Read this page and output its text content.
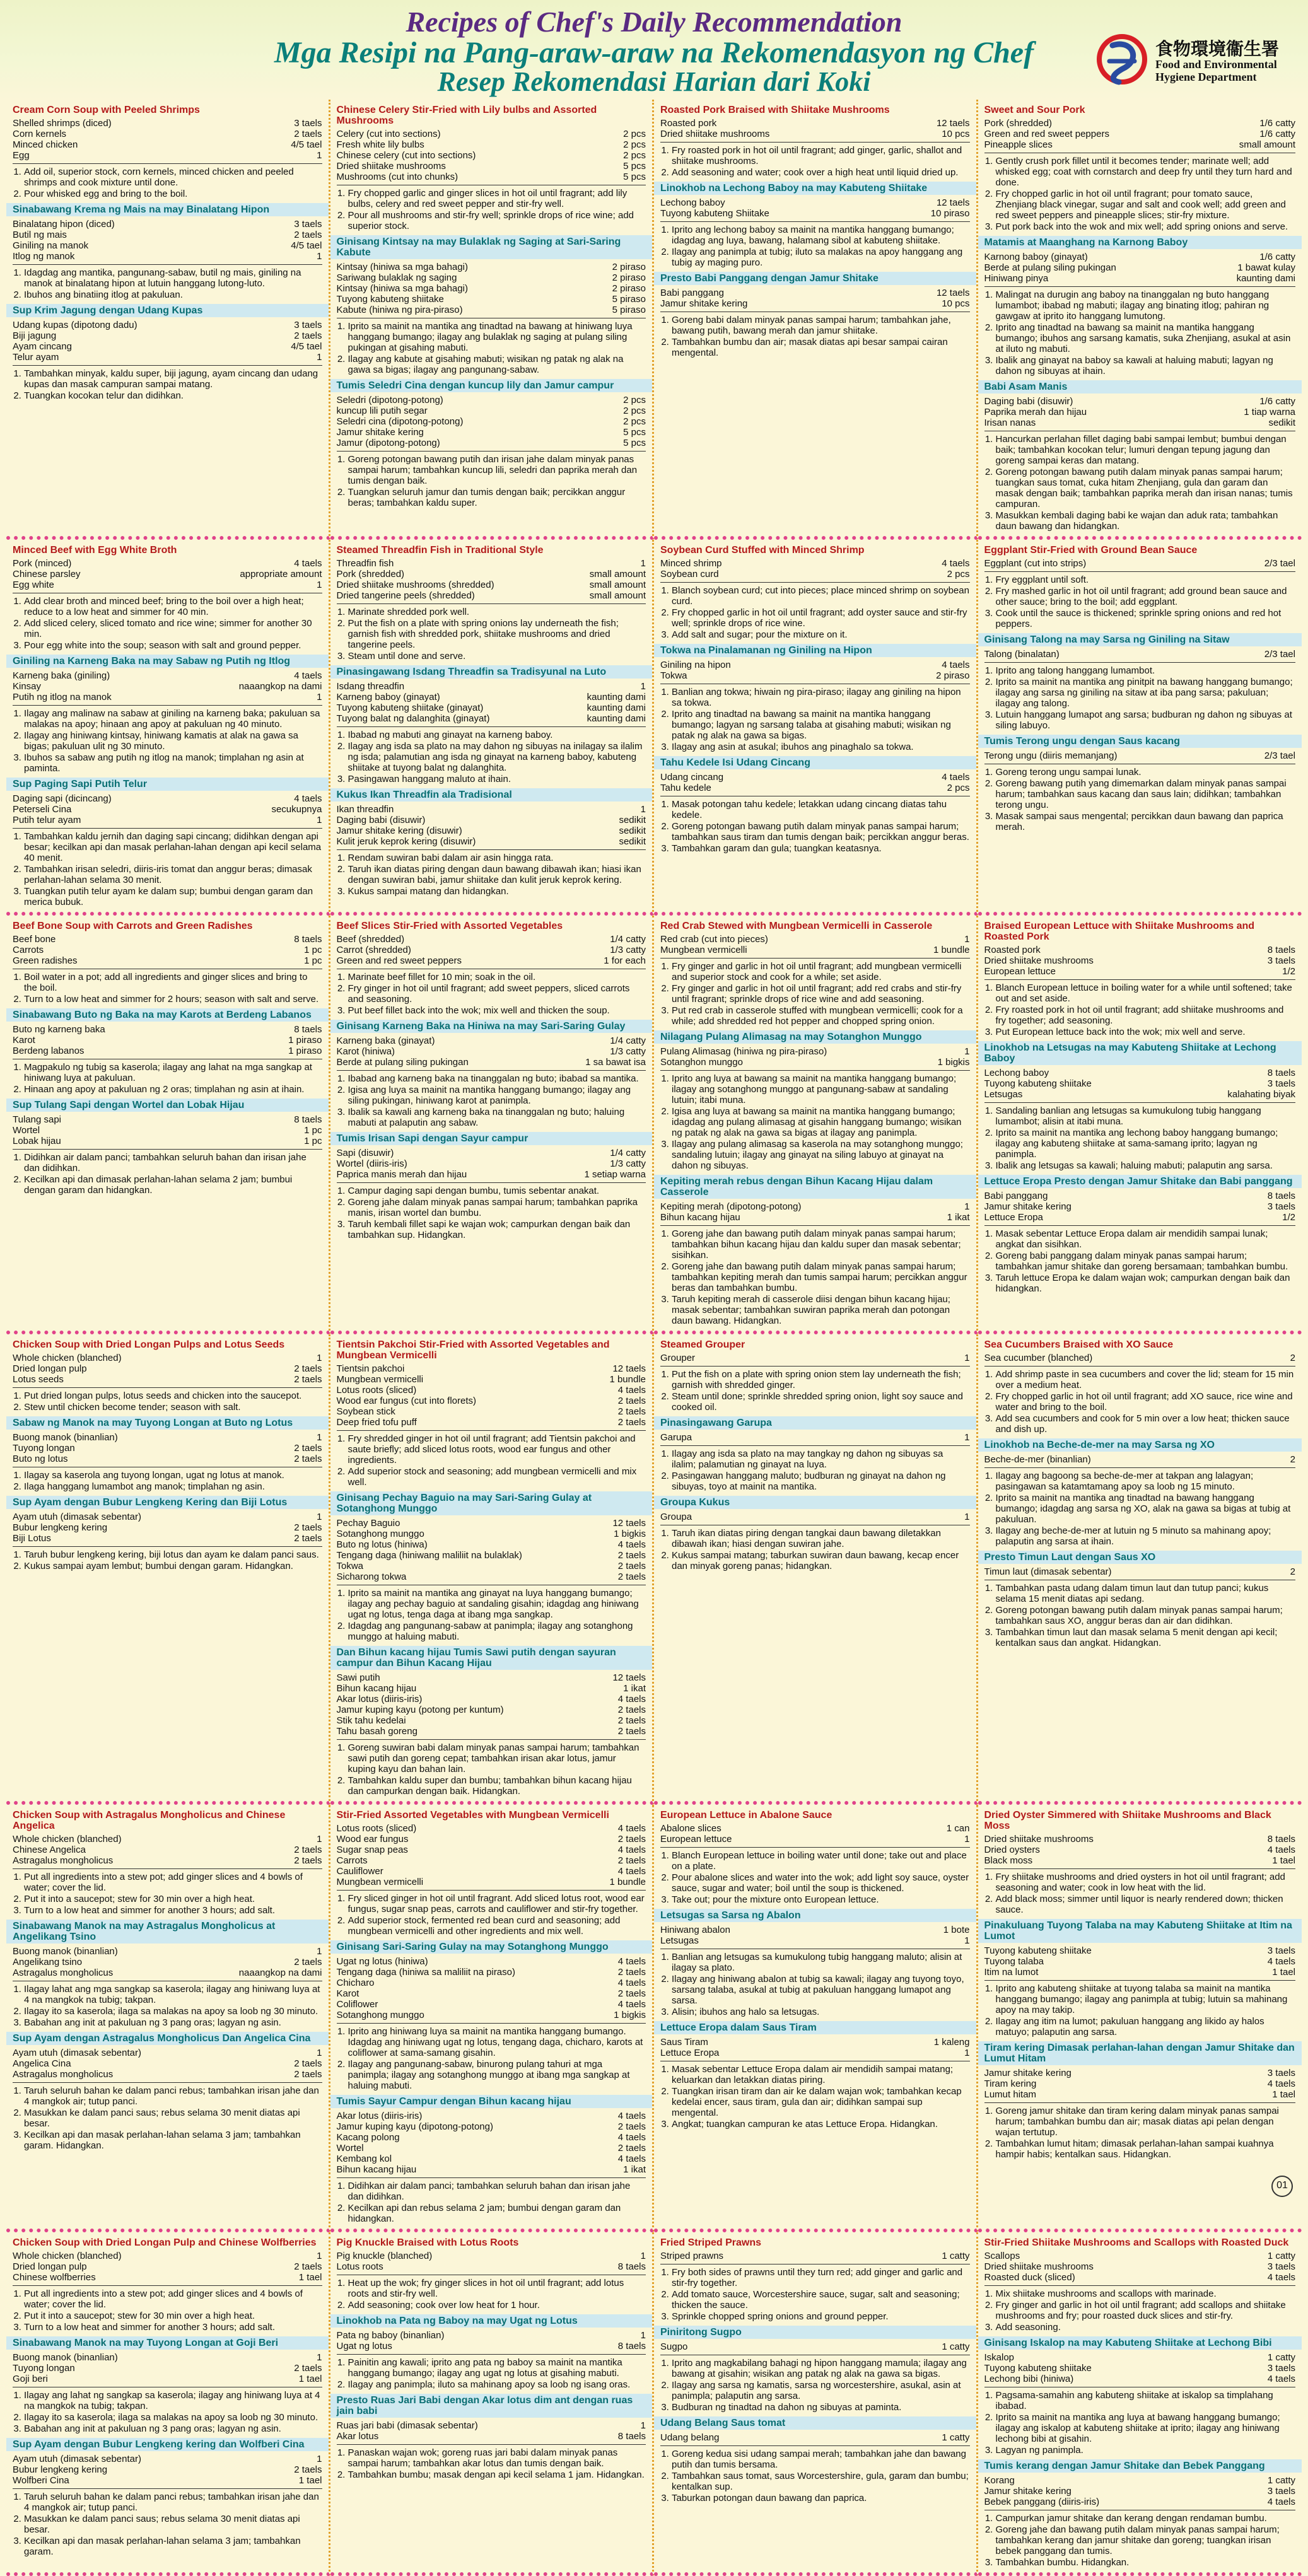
Recipes of Chef's Daily Recommendation
Mga Resipi na Pang-araw-araw na Rekomendasyon ng Chef
Resep Rekomendasi Harian dari Koki
食物環境衞生署
Food and Environmental
Hygiene Department
Cream Corn Soup with Peeled Shrimps
Shelled shrimps (diced)	3 taels
Corn kernels	2 taels
Minced chicken	4/5 tael
Egg	1
1. Add oil, superior stock, corn kernels, minced chicken and peeled shrimps and cook mixture until done.
2. Pour whisked egg and bring to the boil.
Sinabawang Krema ng Mais na may Binalatang Hipon
Binalatang hipon (diced)	3 taels
Butil ng mais	2 taels
Giniling na manok	4/5 tael
Itlog ng manok	1
1. Idagdag ang mantika, pangunang-sabaw, butil ng mais, giniling na manok at binalatang hipon at lutuin hanggang lutong-luto.
2. Ibuhos ang binatiing itlog at pakuluan.
Sup Krim Jagung dengan Udang Kupas
Udang kupas (dipotong dadu)	3 taels
Biji jagung	2 taels
Ayam cincang	4/5 tael
Telur ayam	1
1. Tambahkan minyak, kaldu super, biji jagung, ayam cincang dan udang kupas dan masak campuran sampai matang.
2. Tuangkan kocokan telur dan didihkan.
Chinese Celery Stir-Fried with Lily bulbs and Assorted Mushrooms
Celery (cut into sections)	2 pcs
Fresh white lily bulbs	2 pcs
Chinese celery (cut into sections)	2 pcs
Dried shiitake mushrooms	5 pcs
Mushrooms (cut into chunks)	5 pcs
1. Fry chopped garlic and ginger slices in hot oil until fragrant; add lily bulbs, celery and red sweet pepper and stir-fry well.
2. Pour all mushrooms and stir-fry well; sprinkle drops of rice wine; add superior stock.
Ginisang Kintsay na may Bulaklak ng Saging at Sari-Saring Kabute
Kintsay (hiniwa sa mga bahagi)	2 piraso
Sariwang bulaklak ng saging	2 piraso
Kintsay (hiniwa sa mga bahagi)	2 piraso
Tuyong kabuteng shiitake	5 piraso
Kabute (hiniwa ng pira-piraso)	5 piraso
1. Iprito sa mainit na mantika ang tinadtad na bawang at hiniwang luya hanggang bumango; ilagay ang bulaklak ng saging at pulang siling pukingan at gisahing mabuti.
2. Ilagay ang kabute at gisahing mabuti; wisikan ng patak ng alak na gawa sa bigas; ilagay ang pangunang-sabaw.
Tumis Seledri Cina dengan kuncup lily dan Jamur campur
Seledri (dipotong-potong)	2 pcs
kuncup lili putih segar	2 pcs
Seledri cina (dipotong-potong)	2 pcs
Jamur shitake kering	5 pcs
Jamur (dipotong-potong)	5 pcs
1. Goreng potongan bawang putih dan irisan jahe dalam minyak panas sampai harum; tambahkan kuncup lili, seledri dan paprika merah dan tumis dengan baik.
2. Tuangkan seluruh jamur dan tumis dengan baik; percikkan anggur beras; tambahkan kaldu super.
Roasted Pork Braised with Shiitake Mushrooms
Roasted pork	12 taels
Dried shiitake mushrooms	10 pcs
1. Fry roasted pork in hot oil until fragrant; add ginger, garlic, shallot and shiitake mushrooms.
2. Add seasoning and water; cook over a high heat until liquid dried up.
Linokhob na Lechong Baboy na may Kabuteng Shiitake
Lechong baboy	12 taels
Tuyong kabuteng Shiitake	10 piraso
1. Iprito ang lechong baboy sa mainit na mantika hanggang bumango; idagdag ang luya, bawang, halamang sibol at kabuteng shiitake.
2. Ilagay ang panimpla at tubig; iluto sa malakas na apoy hanggang ang tubig ay maging puro.
Presto Babi Panggang dengan Jamur Shitake
Babi panggang	12 taels
Jamur shitake kering	10 pcs
1. Goreng babi dalam minyak panas sampai harum; tambahkan jahe, bawang putih, bawang merah dan jamur shiitake.
2. Tambahkan bumbu dan air; masak diatas api besar sampai cairan mengental.
Sweet and Sour Pork
Pork (shredded)	1/6 catty
Green and red sweet peppers	1/6 catty
Pineapple slices	small amount
1. Gently crush pork fillet until it becomes tender; marinate well; add whisked egg; coat with cornstarch and deep fry until they turn hard and done.
2. Fry chopped garlic in hot oil until fragrant; pour tomato sauce, Zhenjiang black vinegar, sugar and salt and cook well; add green and red sweet peppers and pineapple slices; stir-fry mixture.
3. Put pork back into the wok and mix well; add spring onions and serve.
Matamis at Maanghang na Karnong Baboy
Karnong baboy (ginayat)	1/6 catty
Berde at pulang siling pukingan	1 bawat kulay
Hiniwang pinya	kaunting dami
1. Malingat na durugin ang baboy na tinanggalan ng buto hanggang lumambot; ibabad ng mabuti; ilagay ang binating itlog; pahiran ng gawgaw at iprito ito hanggang lumutong.
2. Iprito ang tinadtad na bawang sa mainit na mantika hanggang bumango; ibuhos ang sarsang kamatis, suka Zhenjiang, asukal at asin at iluto ng mabuti.
3. Ibalik ang ginayat na baboy sa kawali at haluing mabuti; lagyan ng dahon ng sibuyas at ihain.
Babi Asam Manis
Daging babi (disuwir)	1/6 catty
Paprika merah dan hijau	1 tiap warna
Irisan nanas	sedikit
1. Hancurkan perlahan fillet daging babi sampai lembut; bumbui dengan baik; tambahkan kocokan telur; lumuri dengan tepung jagung dan goreng sampai keras dan matang.
2. Goreng potongan bawang putih dalam minyak panas sampai harum; tuangkan saus tomat, cuka hitam Zhenjiang, gula dan garam dan masak dengan baik; tambahkan paprika merah dan irisan nanas; tumis campuran.
3. Masukkan kembali daging babi ke wajan dan aduk rata; tambahkan daun bawang dan hidangkan.
Minced Beef with Egg White Broth
Pork (minced)	4 taels
Chinese parsley	appropriate amount
Egg white	1
1. Add clear broth and minced beef; bring to the boil over a high heat; reduce to a low heat and simmer for 40 min.
2. Add sliced celery, sliced tomato and rice wine; simmer for another 30 min.
3. Pour egg white into the soup; season with salt and ground pepper.
Giniling na Karneng Baka na may Sabaw ng Putih ng Itlog
Karneng baka (giniling)	4 taels
Kinsay	naaangkop na dami
Putih ng itlog na manok	1
1. Ilagay ang malinaw na sabaw at giniling na karneng baka; pakuluan sa malakas na apoy; hinaan ang apoy at pakuluan ng 40 minuto.
2. Ilagay ang hiniwang kintsay, hiniwang kamatis at alak na gawa sa bigas; pakuluan ulit ng 30 minuto.
3. Ibuhos sa sabaw ang putih ng itlog na manok; timplahan ng asin at paminta.
Sup Paging Sapi Putih Telur
Daging sapi (dicincang)	4 taels
Peterseli Cina	secukupnya
Putih telur ayam	1
1. Tambahkan kaldu jernih dan daging sapi cincang; didihkan dengan api besar; kecilkan api dan masak perlahan-lahan dengan api kecil selama 40 menit.
2. Tambahkan irisan seledri, diiris-iris tomat dan anggur beras; dimasak perlahan-lahan selama 30 menit.
3. Tuangkan putih telur ayam ke dalam sup; bumbui dengan garam dan merica bubuk.
Steamed Threadfin Fish in Traditional Style
Threadfin fish	1
Pork (shredded)	small amount
Dried shiitake mushrooms (shredded)	small amount
Dried tangerine peels (shredded)	small amount
1. Marinate shredded pork well.
2. Put the fish on a plate with spring onions lay underneath the fish; garnish fish with shredded pork, shiitake mushrooms and dried tangerine peels.
3. Steam until done and serve.
Pinasingawang Isdang Threadfin sa Tradisyunal na Luto
Isdang threadfin	1
Karneng baboy (ginayat)	kaunting dami
Tuyong kabuteng shiitake (ginayat)	kaunting dami
Tuyong balat ng dalanghita (ginayat)	kaunting dami
1. Ibabad ng mabuti ang ginayat na karneng baboy.
2. Ilagay ang isda sa plato na may dahon ng sibuyas na inilagay sa ilalim ng isda; palamutian ang isda ng ginayat na karneng baboy, kabuteng shiitake at tuyong balat ng dalanghita.
3. Pasingawan hanggang maluto at ihain.
Kukus Ikan Threadfin ala Tradisional
Ikan threadfin	1
Daging babi (disuwir)	sedikit
Jamur shitake kering (disuwir)	sedikit
Kulit jeruk keprok kering (disuwir)	sedikit
1. Rendam suwiran babi dalam air asin hingga rata.
2. Taruh ikan diatas piring dengan daun bawang dibawah ikan; hiasi ikan dengan suwiran babi, jamur shiitake dan kulit jeruk keprok kering.
3. Kukus sampai matang dan hidangkan.
Soybean Curd Stuffed with Minced Shrimp
Minced shrimp	4 taels
Soybean curd	2 pcs
1. Blanch soybean curd; cut into pieces; place minced shrimp on soybean curd.
2. Fry chopped garlic in hot oil until fragrant; add oyster sauce and stir-fry well; sprinkle drops of rice wine.
3. Add salt and sugar; pour the mixture on it.
Tokwa na Pinalamanan ng Giniling na Hipon
Giniling na hipon	4 taels
Tokwa	2 piraso
1. Banlian ang tokwa; hiwain ng pira-piraso; ilagay ang giniling na hipon sa tokwa.
2. Iprito ang tinadtad na bawang sa mainit na mantika hanggang bumango; lagyan ng sarsang talaba at gisahing mabuti; wisikan ng patak ng alak na gawa sa bigas.
3. Ilagay ang asin at asukal; ibuhos ang pinaghalo sa tokwa.
Tahu Kedele Isi Udang Cincang
Udang cincang	4 taels
Tahu kedele	2 pcs
1. Masak potongan tahu kedele; letakkan udang cincang diatas tahu kedele.
2. Goreng potongan bawang putih dalam minyak panas sampai harum; tambahkan saus tiram dan tumis dengan baik; percikkan anggur beras.
3. Tambahkan garam dan gula; tuangkan keatasnya.
Eggplant Stir-Fried with Ground Bean Sauce
Eggplant (cut into strips)	2/3 tael
1. Fry eggplant until soft.
2. Fry mashed garlic in hot oil until fragrant; add ground bean sauce and other sauce; bring to the boil; add eggplant.
3. Cook until the sauce is thickened; sprinkle spring onions and red hot peppers.
Ginisang Talong na may Sarsa ng Giniling na Sitaw
Talong (binalatan)	2/3 tael
1. Iprito ang talong hanggang lumambot.
2. Iprito sa mainit na mantika ang pinitpit na bawang hanggang bumango; ilagay ang sarsa ng giniling na sitaw at iba pang sarsa; pakuluan; ilagay ang talong.
3. Lutuin hanggang lumapot ang sarsa; budburan ng dahon ng sibuyas at siling labuyo.
Tumis Terong ungu dengan Saus kacang
Terong ungu (diiris memanjang)	2/3 tael
1. Goreng terong ungu sampai lunak.
2. Goreng bawang putih yang dimemarkan dalam minyak panas sampai harum; tambahkan saus kacang dan saus lain; didihkan; tambahkan terong ungu.
3. Masak sampai saus mengental; percikkan daun bawang dan paprica merah.
Beef Bone Soup with Carrots and Green Radishes
Beef bone	8 taels
Carrots	1 pc
Green radishes	1 pc
1. Boil water in a pot; add all ingredients and ginger slices and bring to the boil.
2. Turn to a low heat and simmer for 2 hours; season with salt and serve.
Sinabawang Buto ng Baka na may Karots at Berdeng Labanos
Buto ng karneng baka	8 taels
Karot	1 piraso
Berdeng labanos	1 piraso
1. Magpakulo ng tubig sa kaserola; ilagay ang lahat na mga sangkap at hiniwang luya at pakuluan.
2. Hinaan ang apoy at pakuluan ng 2 oras; timplahan ng asin at ihain.
Sup Tulang Sapi dengan Wortel dan Lobak Hijau
Tulang sapi	8 taels
Wortel	1 pc
Lobak hijau	1 pc
1. Didihkan air dalam panci; tambahkan seluruh bahan dan irisan jahe dan didihkan.
2. Kecilkan api dan dimasak perlahan-lahan selama 2 jam; bumbui dengan garam dan hidangkan.
Beef Slices Stir-Fried with Assorted Vegetables
Beef (shredded)	1/4 catty
Carrot (shredded)	1/3 catty
Green and red sweet peppers	1 for each
1. Marinate beef fillet for 10 min; soak in the oil.
2. Fry ginger in hot oil until fragrant; add sweet peppers, sliced carrots and seasoning.
3. Put beef fillet back into the wok; mix well and thicken the soup.
Ginisang Karneng Baka na Hiniwa na may Sari-Saring Gulay
Karneng baka (ginayat)	1/4 catty
Karot (hiniwa)	1/3 catty
Berde at pulang siling pukingan	1 sa bawat isa
1. Ibabad ang karneng baka na tinanggalan ng buto; ibabad sa mantika.
2. Igisa ang luya sa mainit na mantika hanggang bumango; ilagay ang siling pukingan, hiniwang karot at panimpla.
3. Ibalik sa kawali ang karneng baka na tinanggalan ng buto; haluing mabuti at palaputin ang sabaw.
Tumis Irisan Sapi dengan Sayur campur
Sapi (disuwir)	1/4 catty
Wortel (diiris-iris)	1/3 catty
Paprica manis merah dan hijau	1 setiap warna
1. Campur daging sapi dengan bumbu, tumis sebentar anakat.
2. Goreng jahe dalam minyak panas sampai harum; tambahkan paprika manis, irisan wortel dan bumbu.
3. Taruh kembali fillet sapi ke wajan wok; campurkan dengan baik dan tambahkan sup. Hidangkan.
Red Crab Stewed with Mungbean Vermicelli in Casserole
Red crab (cut into pieces)	1
Mungbean vermicelli	1 bundle
1. Fry ginger and garlic in hot oil until fragrant; add mungbean vermicelli and superior stock and cook for a while; set aside.
2. Fry ginger and garlic in hot oil until fragrant; add red crabs and stir-fry until fragrant; sprinkle drops of rice wine and add seasoning.
3. Put red crab in casserole stuffed with mungbean vermicelli; cook for a while; add shredded red hot pepper and chopped spring onion.
Nilagang Pulang Alimasag na may Sotanghon Munggo
Pulang Alimasag (hiniwa ng pira-piraso)	1
Sotanghon munggo	1 bigkis
1. Iprito ang luya at bawang sa mainit na mantika hanggang bumango; ilagay ang sotanghong munggo at pangunang-sabaw at sandaling lutuin; itabi muna.
2. Igisa ang luya at bawang sa mainit na mantika hanggang bumango; idagdag ang pulang alimasag at gisahin hanggang bumango; wisikan ng patak ng alak na gawa sa bigas at ilagay ang panimpla.
3. Ilagay ang pulang alimasag sa kaserola na may sotanghong munggo; sandaling lutuin; ilagay ang ginayat na siling labuyo at ginayat na dahon ng sibuyas.
Kepiting merah rebus dengan Bihun Kacang Hijau dalam Casserole
Kepiting merah (dipotong-potong)	1
Bihun kacang hijau	1 ikat
1. Goreng jahe dan bawang putih dalam minyak panas sampai harum; tambahkan bihun kacang hijau dan kaldu super dan masak sebentar; sisihkan.
2. Goreng jahe dan bawang putih dalam minyak panas sampai harum; tambahkan kepiting merah dan tumis sampai harum; percikkan anggur beras dan tambahkan bumbu.
3. Taruh kepiting merah di casserole diisi dengan bihun kacang hijau; masak sebentar; tambahkan suwiran paprika merah dan potongan daun bawang. Hidangkan.
Braised European Lettuce with Shiitake Mushrooms and Roasted Pork
Roasted pork	8 taels
Dried shiitake mushrooms	3 taels
European lettuce	1/2
1. Blanch European lettuce in boiling water for a while until softened; take out and set aside.
2. Fry roasted pork in hot oil until fragrant; add shiitake mushrooms and fry together; add seasoning.
3. Put European lettuce back into the wok; mix well and serve.
Linokhob na Letsugas na may Kabuteng Shiitake at Lechong Baboy
Lechong baboy	8 taels
Tuyong kabuteng shiitake	3 taels
Letsugas	kalahating biyak
1. Sandaling banlian ang letsugas sa kumukulong tubig hanggang lumambot; alisin at itabi muna.
2. Iprito sa mainit na mantika ang lechong baboy hanggang bumango; ilagay ang kabuteng shiitake at sama-samang iprito; lagyan ng panimpla.
3. Ibalik ang letsugas sa kawali; haluing mabuti; palaputin ang sarsa.
Lettuce Eropa Presto dengan Jamur Shitake dan Babi panggang
Babi panggang	8 taels
Jamur shitake kering	3 taels
Lettuce Eropa	1/2
1. Masak sebentar Lettuce Eropa dalam air mendidih sampai lunak; angkat dan sisihkan.
2. Goreng babi panggang dalam minyak panas sampai harum; tambahkan jamur shitake dan goreng bersamaan; tambahkan bumbu.
3. Taruh lettuce Eropa ke dalam wajan wok; campurkan dengan baik dan hidangkan.
Chicken Soup with Dried Longan Pulps and Lotus Seeds
Whole chicken (blanched)	1
Dried longan pulp	2 taels
Lotus seeds	2 taels
1. Put dried longan pulps, lotus seeds and chicken into the saucepot.
2. Stew until chicken become tender; season with salt.
Sabaw ng Manok na may Tuyong Longan at Buto ng Lotus
Buong manok (binanlian)	1
Tuyong longan	2 taels
Buto ng lotus	2 taels
1. Ilagay sa kaserola ang tuyong longan, ugat ng lotus at manok.
2. Ilaga hanggang lumambot ang manok; timplahan ng asin.
Sup Ayam dengan Bubur Lengkeng Kering dan Biji Lotus
Ayam utuh (dimasak sebentar)	1
Bubur lengkeng kering	2 taels
Biji Lotus	2 taels
1. Taruh bubur lengkeng kering, biji lotus dan ayam ke dalam panci saus.
2. Kukus sampai ayam lembut; bumbui dengan garam. Hidangkan.
Tientsin Pakchoi Stir-Fried with Assorted Vegetables and Mungbean Vermicelli
Tientsin pakchoi	12 taels
Mungbean vermicelli	1 bundle
Lotus roots (sliced)	4 taels
Wood ear fungus (cut into florets)	2 taels
Soybean stick	2 taels
Deep fried tofu puff	2 taels
1. Fry shredded ginger in hot oil until fragrant; add Tientsin pakchoi and saute briefly; add sliced lotus roots, wood ear fungus and other ingredients.
2. Add superior stock and seasoning; add mungbean vermicelli and mix well.
Ginisang Pechay Baguio na may Sari-Saring Gulay at Sotanghong Munggo
Pechay Baguio	12 taels
Sotanghong munggo	1 bigkis
Buto ng lotus (hiniwa)	4 taels
Tengang daga (hiniwang maliliit na bulaklak)	2 taels
Tokwa	2 taels
Sicharong tokwa	2 taels
1. Iprito sa mainit na mantika ang ginayat na luya hanggang bumango; ilagay ang pechay baguio at sandaling gisahin; idagdag ang hiniwang ugat ng lotus, tenga daga at ibang mga sangkap.
2. Idagdag ang pangunang-sabaw at panimpla; ilagay ang sotanghong munggo at haluing mabuti.
Dan Bihun kacang hijau Tumis Sawi putih dengan sayuran campur dan Bihun Kacang Hijau
Sawi putih	12 taels
Bihun kacang hijau	1 ikat
Akar lotus (diiris-iris)	4 taels
Jamur kuping kayu (potong per kuntum)	2 taels
Stik tahu kedelai	2 taels
Tahu basah goreng	2 taels
1. Goreng suwiran babi dalam minyak panas sampai harum; tambahkan sawi putih dan goreng cepat; tambahkan irisan akar lotus, jamur kuping kayu dan bahan lain.
2. Tambahkan kaldu super dan bumbu; tambahkan bihun kacang hijau dan campurkan dengan baik. Hidangkan.
Steamed Grouper
Grouper	1
1. Put the fish on a plate with spring onion stem lay underneath the fish; garnish with shredded ginger.
2. Steam until done; sprinkle shredded spring onion, light soy sauce and cooked oil.
Pinasingawang Garupa
Garupa	1
1. Ilagay ang isda sa plato na may tangkay ng dahon ng sibuyas sa ilalim; palamutian ng ginayat na luya.
2. Pasingawan hanggang maluto; budburan ng ginayat na dahon ng sibuyas, toyo at mainit na mantika.
Groupa Kukus
Groupa	1
1. Taruh ikan diatas piring dengan tangkai daun bawang diletakkan dibawah ikan; hiasi dengan suwiran jahe.
2. Kukus sampai matang; taburkan suwiran daun bawang, kecap encer dan minyak goreng panas; hidangkan.
Sea Cucumbers Braised with XO Sauce
Sea cucumber (blanched)	2
1. Add shrimp paste in sea cucumbers and cover the lid; steam for 15 min over a medium heat.
2. Fry chopped garlic in hot oil until fragrant; add XO sauce, rice wine and water and bring to the boil.
3. Add sea cucumbers and cook for 5 min over a low heat; thicken sauce and dish up.
Linokhob na Beche-de-mer na may Sarsa ng XO
Beche-de-mer (binanlian)	2
1. Ilagay ang bagoong sa beche-de-mer at takpan ang lalagyan; pasingawan sa katamtamang apoy sa loob ng 15 minuto.
2. Iprito sa mainit na mantika ang tinadtad na bawang hanggang bumango; idagdag ang sarsa ng XO, alak na gawa sa bigas at tubig at pakuluan.
3. Ilagay ang beche-de-mer at lutuin ng 5 minuto sa mahinang apoy; palaputin ang sarsa at ihain.
Presto Timun Laut dengan Saus XO
Timun laut (dimasak sebentar)	2
1. Tambahkan pasta udang dalam timun laut dan tutup panci; kukus selama 15 menit diatas api sedang.
2. Goreng potongan bawang putih dalam minyak panas sampai harum; tambahkan saus XO, anggur beras dan air dan didihkan.
3. Tambahkan timun laut dan masak selama 5 menit dengan api kecil; kentalkan saus dan angkat. Hidangkan.
Chicken Soup with Astragalus Mongholicus and Chinese Angelica
Whole chicken (blanched)	1
Chinese Angelica	2 taels
Astragalus mongholicus	2 taels
1. Put all ingredients into a stew pot; add ginger slices and 4 bowls of water; cover the lid.
2. Put it into a saucepot; stew for 30 min over a high heat.
3. Turn to a low heat and simmer for another 3 hours; add salt.
Sinabawang Manok na may Astragalus Mongholicus at Angelikang Tsino
Buong manok (binanlian)	1
Angelikang tsino	2 taels
Astragalus mongholicus	naaangkop na dami
1. Ilagay lahat ang mga sangkap sa kaserola; ilagay ang hiniwang luya at 4 na mangkok na tubig; takpan.
2. Ilagay ito sa kaserola; ilaga sa malakas na apoy sa loob ng 30 minuto.
3. Babahan ang init at pakuluan ng 3 pang oras; lagyan ng asin.
Sup Ayam dengan Astragalus Mongholicus Dan Angelica Cina
Ayam utuh (dimasak sebentar)	1
Angelica Cina	2 taels
Astragalus mongholicus	2 taels
1. Taruh seluruh bahan ke dalam panci rebus; tambahkan irisan jahe dan 4 mangkok air; tutup panci.
2. Masukkan ke dalam panci saus; rebus selama 30 menit diatas api besar.
3. Kecilkan api dan masak perlahan-lahan selama 3 jam; tambahkan garam. Hidangkan.
Stir-Fried Assorted Vegetables with Mungbean Vermicelli
Lotus roots (sliced)	4 taels
Wood ear fungus	2 taels
Sugar snap peas	4 taels
Carrots	2 taels
Cauliflower	4 taels
Mungbean vermicelli	1 bundle
1. Fry sliced ginger in hot oil until fragrant. Add sliced lotus root, wood ear fungus, sugar snap peas, carrots and cauliflower and stir-fry together.
2. Add superior stock, fermented red bean curd and seasoning; add mungbean vermicelli and other ingredients and mix well.
Ginisang Sari-Saring Gulay na may Sotanghong Munggo
Ugat ng lotus (hiniwa)	4 taels
Tengang daga (hiniwa sa maliliit na piraso)	2 taels
Chicharo	4 taels
Karot	2 taels
Coliflower	4 taels
Sotanghong munggo	1 bigkis
1. Iprito ang hiniwang luya sa mainit na mantika hanggang bumango. Idagdag ang hiniwang ugat ng lotus, tengang daga, chicharo, karots at coliflower at sama-samang gisahin.
2. Ilagay ang pangunang-sabaw, binurong pulang tahuri at mga panimpla; ilagay ang sotanghong munggo at ibang mga sangkap at haluing mabuti.
Tumis Sayur Campur dengan Bihun kacang hijau
Akar lotus (diiris-iris)	4 taels
Jamur kuping kayu (dipotong-potong)	2 taels
Kacang polong	4 taels
Wortel	2 taels
Kembang kol	4 taels
Bihun kacang hijau	1 ikat
1. Didihkan air dalam panci; tambahkan seluruh bahan dan irisan jahe dan didihkan.
2. Kecilkan api dan rebus selama 2 jam; bumbui dengan garam dan hidangkan.
European Lettuce in Abalone Sauce
Abalone slices	1 can
European lettuce	1
1. Blanch European lettuce in boiling water until done; take out and place on a plate.
2. Pour abalone slices and water into the wok; add light soy sauce, oyster sauce, sugar and water; boil until the soup is thickened.
3. Take out; pour the mixture onto European lettuce.
Letsugas sa Sarsa ng Abalon
Hiniwang abalon	1 bote
Letsugas	1
1. Banlian ang letsugas sa kumukulong tubig hanggang maluto; alisin at ilagay sa plato.
2. Ilagay ang hiniwang abalon at tubig sa kawali; ilagay ang tuyong toyo, sarsang talaba, asukal at tubig at pakuluan hanggang lumapot ang sarsa.
3. Alisin; ibuhos ang halo sa letsugas.
Lettuce Eropa dalam Saus Tiram
Saus Tiram	1 kaleng
Lettuce Eropa	1
1. Masak sebentar Lettuce Eropa dalam air mendidih sampai matang; keluarkan dan letakkan diatas piring.
2. Tuangkan irisan tiram dan air ke dalam wajan wok; tambahkan kecap kedelai encer, saus tiram, gula dan air; didihkan sampai sup mengental.
3. Angkat; tuangkan campuran ke atas Lettuce Eropa. Hidangkan.
Dried Oyster Simmered with Shiitake Mushrooms and Black Moss
Dried shiitake mushrooms	8 taels
Dried oysters	4 taels
Black moss	1 tael
1. Fry shiitake mushrooms and dried oysters in hot oil until fragrant; add seasoning and water; cook in low heat with the lid.
2. Add black moss; simmer until liquor is nearly rendered down; thicken sauce.
Pinakuluang Tuyong Talaba na may Kabuteng Shiitake at Itim na Lumot
Tuyong kabuteng shiitake	3 taels
Tuyong talaba	4 taels
Itim na lumot	1 tael
1. Iprito ang kabuteng shiitake at tuyong talaba sa mainit na mantika hanggang bumango; ilagay ang panimpla at tubig; lutuin sa mahinang apoy na may takip.
2. Ilagay ang itim na lumot; pakuluan hanggang ang likido ay halos matuyo; palaputin ang sarsa.
Tiram kering Dimasak perlahan-lahan dengan Jamur Shitake dan Lumut Hitam
Jamur shitake kering	3 taels
Tiram kering	4 taels
Lumut hitam	1 tael
1. Goreng jamur shitake dan tiram kering dalam minyak panas sampai harum; tambahkan bumbu dan air; masak diatas api pelan dengan wajan tertutup.
2. Tambahkan lumut hitam; dimasak perlahan-lahan sampai kuahnya hampir habis; kentalkan saus. Hidangkan.
Chicken Soup with Dried Longan Pulp and Chinese Wolfberries
Whole chicken (blanched)	1
Dried longan pulp	2 taels
Chinese wolfberries	1 tael
1. Put all ingredients into a stew pot; add ginger slices and 4 bowls of water; cover the lid.
2. Put it into a saucepot; stew for 30 min over a high heat.
3. Turn to a low heat and simmer for another 3 hours; add salt.
Sinabawang Manok na may Tuyong Longan at Goji Beri
Buong manok (binanlian)	1
Tuyong longan	2 taels
Goji beri	1 tael
1. Ilagay ang lahat ng sangkap sa kaserola; ilagay ang hiniwang luya at 4 na mangkok na tubig; takpan.
2. Ilagay ito sa kaserola; ilaga sa malakas na apoy sa loob ng 30 minuto.
3. Babahan ang init at pakuluan ng 3 pang oras; lagyan ng asin.
Sup Ayam dengan Bubur Lengkeng kering dan Wolfberi Cina
Ayam utuh (dimasak sebentar)	1
Bubur lengkeng kering	2 taels
Wolfberi Cina	1 tael
1. Taruh seluruh bahan ke dalam panci rebus; tambahkan irisan jahe dan 4 mangkok air; tutup panci.
2. Masukkan ke dalam panci saus; rebus selama 30 menit diatas api besar.
3. Kecilkan api dan masak perlahan-lahan selama 3 jam; tambahkan garam.
Pig Knuckle Braised with Lotus Roots
Pig knuckle (blanched)	1
Lotus roots	8 taels
1. Heat up the wok; fry ginger slices in hot oil until fragrant; add lotus roots and stir-fry well.
2. Add seasoning; cook over low heat for 1 hour.
Linokhob na Pata ng Baboy na may Ugat ng Lotus
Pata ng baboy (binanlian)	1
Ugat ng lotus	8 taels
1. Painitin ang kawali; iprito ang pata ng baboy sa mainit na mantika hanggang bumango; ilagay ang ugat ng lotus at gisahing mabuti.
2. Ilagay ang panimpla; iluto sa mahinang apoy sa loob ng isang oras.
Presto Ruas Jari Babi dengan Akar lotus dim ant dengan ruas jain babi
Ruas jari babi (dimasak sebentar)	1
Akar lotus	8 taels
1. Panaskan wajan wok; goreng ruas jari babi dalam minyak panas sampai harum; tambahkan akar lotus dan tumis dengan baik.
2. Tambahkan bumbu; masak dengan api kecil selama 1 jam. Hidangkan.
Fried Striped Prawns
Striped prawns	1 catty
1. Fry both sides of prawns until they turn red; add ginger and garlic and stir-fry together.
2. Add tomato sauce, Worcestershire sauce, sugar, salt and seasoning; thicken the sauce.
3. Sprinkle chopped spring onions and ground pepper.
Piniritong Sugpo
Sugpo	1 catty
1. Iprito ang magkabilang bahagi ng hipon hanggang mamula; ilagay ang bawang at gisahin; wisikan ang patak ng alak na gawa sa bigas.
2. Ilagay ang sarsa ng kamatis, sarsa ng worcestershire, asukal, asin at panimpla; palaputin ang sarsa.
3. Budburan ng tinadtad na dahon ng sibuyas at paminta.
Udang Belang Saus tomat
Udang belang	1 catty
1. Goreng kedua sisi udang sampai merah; tambahkan jahe dan bawang putih dan tumis bersama.
2. Tambahkan saus tomat, saus Worcestershire, gula, garam dan bumbu; kentalkan sup.
3. Taburkan potongan daun bawang dan paprica.
Stir-Fried Shiitake Mushrooms and Scallops with Roasted Duck
Scallops	1 catty
Dried shiitake mushrooms	3 taels
Roasted duck (sliced)	4 taels
1. Mix shiitake mushrooms and scallops with marinade.
2. Fry ginger and garlic in hot oil until fragrant; add scallops and shiitake mushrooms and fry; pour roasted duck slices and stir-fry.
3. Add seasoning.
Ginisang Iskalop na may Kabuteng Shiitake at Lechong Bibi
Iskalop	1 catty
Tuyong kabuteng shiitake	3 taels
Lechong bibi (hiniwa)	4 taels
1. Pagsama-samahin ang kabuteng shiitake at iskalop sa timplahang ibabad.
2. Iprito sa mainit na mantika ang luya at bawang hanggang bumango; ilagay ang iskalop at kabuteng shiitake at iprito; ilagay ang hiniwang lechong bibi at gisahin.
3. Lagyan ng panimpla.
Tumis kerang dengan Jamur Shitake dan Bebek Panggang
Korang	1 catty
Jamur shitake kering	3 taels
Bebek panggang (diiris-iris)	4 taels
1. Campurkan jamur shitake dan kerang dengan rendaman bumbu.
2. Goreng jahe dan bawang putih dalam minyak panas sampai harum; tambahkan kerang dan jamur shitake dan goreng; tuangkan irisan bebek panggang dan tumis.
3. Tambahkan bumbu. Hidangkan.
01
